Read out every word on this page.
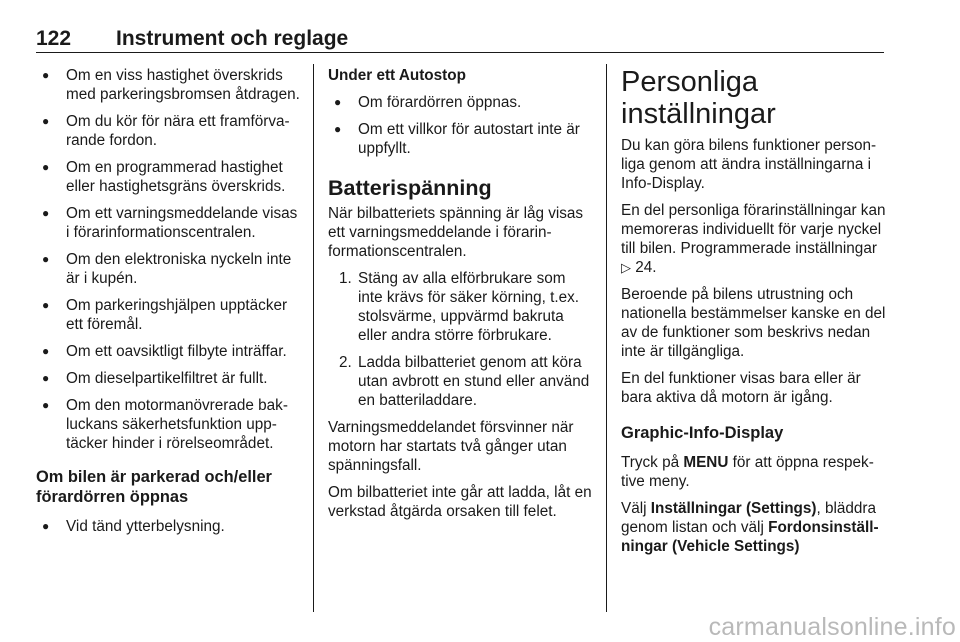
122 Instrument och reglage
● Om en viss hastighet överskrids med parkeringsbromsen åtdragen.
● Om du kör för nära ett framförvarande fordon.
● Om en programmerad hastighet eller hastighetsgräns överskrids.
● Om ett varningsmeddelande visas i förarinformationscentralen.
● Om den elektroniska nyckeln inte är i kupén.
● Om parkeringshjälpen upptäcker ett föremål.
● Om ett oavsiktligt filbyte inträffar.
● Om dieselpartikelfiltret är fullt.
● Om den motormanövrerade bakluckans säkerhetsfunktion upptäcker hinder i rörelseområdet.
Om bilen är parkerad och/eller förardörren öppnas
● Vid tänd ytterbelysning.
Under ett Autostop
● Om förardörren öppnas.
● Om ett villkor för autostart inte är uppfyllt.
Batterispänning

När bilbatteriets spänning är låg visas ett varningsmeddelande i förarinformationscentralen.

1. Stäng av alla elförbrukare som inte krävs för säker körning, t.ex. stolsvärme, uppvärmd bakruta eller andra större förbrukare.
2. Ladda bilbatteriet genom att köra utan avbrott en stund eller använd en batteriladdare.

Varningsmeddelandet försvinner när motorn har startats två gånger utan spänningsfall.

Om bilbatteriet inte går att ladda, låt en verkstad åtgärda orsaken till felet.

Personliga inställningar

Du kan göra bilens funktioner personliga genom att ändra inställningarna i Info-Display.

En del personliga förarinställningar kan memoreras individuellt för varje nyckel till bilen. Programmerade inställningar ▷ 24.

Beroende på bilens utrustning och nationella bestämmelser kanske en del av de funktioner som beskrivs nedan inte är tillgängliga.

En del funktioner visas bara eller är bara aktiva då motorn är igång.

Graphic-Info-Display

Tryck på MENU för att öppna respektive meny.

Välj Inställningar (Settings), bläddra genom listan och välj Fordonsinställningar (Vehicle Settings)

carmanualsonline.info
